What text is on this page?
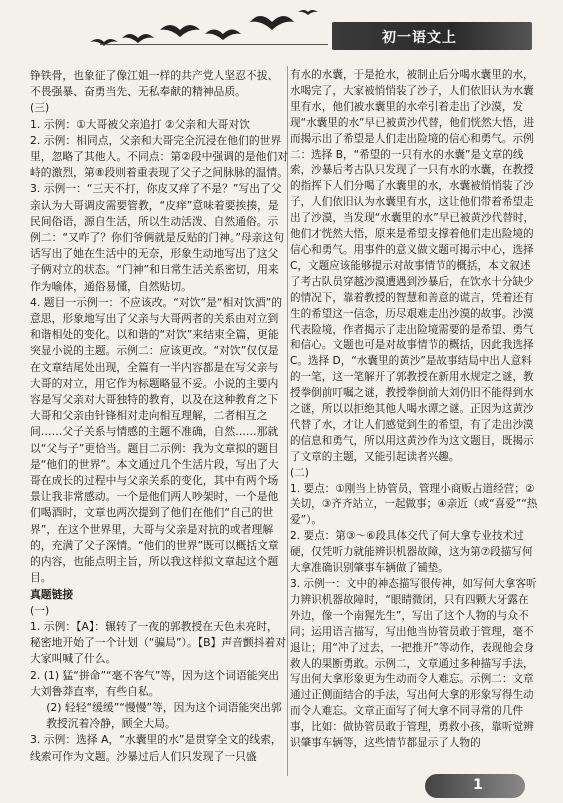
初一语文上

铮铁骨，也象征了像江姐一样的共产党人坚忍不拔、不畏强暴、奋勇当先、无私奉献的精神品质。

(三)

1. 示例：①大哥被父亲追打 ②父亲和大哥对饮

2. 示例：相同点，父亲和大哥完全沉浸在他们的世界里，忽略了其他人。不同点：第②段中强调的是他们对峙的激烈，第⑧段则着重表现了父子之间脉脉的温情。

3. 示例一：“三天不打，你皮又痒了不是？”写出了父亲认为大哥调皮需要管教，“皮痒”意味着要挨揍，是民间俗语，源自生活，所以生动活泼、自然通俗。示例二：“又咋了？你们爷俩就是反贴的门神。”母亲这句话写出了她在生活中的无奈，形象生动地写出了这父子俩对立的状态。“门神”和日常生活关系密切，用来作为喻体，通俗易懂，自然贴切。

4. 题目一示例一：不应该改。“对饮”是“相对饮酒”的意思，形象地写出了父亲与大哥两者的关系由对立到和谐相处的变化。以和谐的“对饮”来结束全篇，更能突显小说的主题。示例二：应该更改。“对饮”仅仅是在文章结尾处出现，全篇有一半内容都是在写父亲与大哥的对立，用它作为标题略显不妥。小说的主要内容是写父亲对大哥独特的教育，以及在这种教育之下大哥和父亲由针锋相对走向相互理解，二者相互之间……父子关系与情感的主题不准确，自然……那就以“父与子”更恰当。题目二示例：我为文章拟的题目是“他们的世界”。本文通过几个生活片段，写出了大哥在成长的过程中与父亲关系的变化，其中有两个场景让我非常感动。一个是他们两人吵架时，一个是他们喝酒时，文章也两次提到了他们在他们“自己的世界”，在这个世界里，大哥与父亲是对抗的或者理解的，充满了父子深情。“他们的世界”既可以概括文章的内容，也能点明主旨，所以我这样拟文章起这个题目。

真题链接

(一)

1. 示例：【A】：辗转了一夜的郭教授在天色未亮时，秘密地开始了一个计划（“骗局”）。【B】声音颤抖着对大家叫喊了什么。

2. (1) 猛“拼命”“毫不客气”等，因为这个词语能突出大刘鲁莽直率，有些自私。

(2) 轻轻“缓缓”“慢慢”等，因为这个词语能突出郭教授沉着冷静，顾全大局。

3. 示例：选择 A，“水囊里的水”是贯穿全文的线索，线索可作为文题。沙暴过后人们只发现了一只盛

有水的水囊，于是抢水，被制止后分喝水囊里的水，水喝完了，大家被悄悄装了沙子，人们依旧认为水囊里有水，他们被水囊里的水牵引着走出了沙漠，发现“水囊里的水”早已被黄沙代替，他们恍然大悟，进而揭示出了希望是人们走出险境的信心和勇气。示例二：选择 B，“希望的一只有水的水囊”是文章的线索，沙暴后考古队只发现了一只有水的水囊，在教授的指挥下人们分喝了水囊里的水，水囊被悄悄装了沙子，人们依旧认为水囊里有水，这让他们带着希望走出了沙漠，当发现“水囊里的水”早已被黄沙代替时，他们才恍然大悟，原来是希望支撑着他们走出险境的信心和勇气。用事件的意义做文题可揭示中心，选择 C，文题应该能够提示对故事情节的概括，本文叙述了考古队员穿越沙漠遭遇到沙暴后，在饮水十分缺少的情况下，靠着教授的智慧和善意的谎言，凭着还有生的希望这一信念，历尽艰难走出沙漠的故事。沙漠代表险境，作者揭示了走出险境需要的是希望、勇气和信心。文题也可是对故事情节的概括，因此我选择 C。选择 D，“水囊里的黄沙”是故事结局中出人意料的一笔，这一笔解开了郭教授在新用水规定之谜，教授拳倒前叮嘱之谜，教授拳倒前大刘仍旧不能得到水之谜，所以以拒绝其他人喝水谭之谜。正因为这黄沙代替了水，才让人们感觉到生的希望，有了走出沙漠的信息和勇气，所以用这黄沙作为这文题目，既揭示了文章的主题，又能引起读者兴趣。

(二)

1. 要点：①刚当上协管员，管理小商贩占道经营；②关切，③齐齐站立，一起做事；④亲近（或“喜爱”“热爱”）。

2. 要点：第③～⑥段具体交代了何大拿专业技术过硬，仅凭听力就能辨识机器故障，这为第⑦段描写何大拿准确识别肇事车辆做了铺垫。

3. 示例一：文中的神态描写很传神，如写何大拿客听力辨识机器故障时，“眼睛微闭，只有四颗大牙露在外边，像一个南猩先生”，写出了这个人物的与众不同；运用语言描写，写出他当协管员敢于管理，毫不退让；用“冲了过去，一把推开”等动作，表现他会身救人的果断勇敢。示例二，文章通过多种描写手法，写出何大拿形象更为生动而令人难忘。示例二：文章通过正侧面结合的手法，写出何大拿的形象写得生动而令人难忘。文章正面写了何大拿不同寻常的几件事，比如：做协管员敢于管理，勇救小孩，靠听觉辨识肇事车辆等，这些情节都显示了人物的

1
